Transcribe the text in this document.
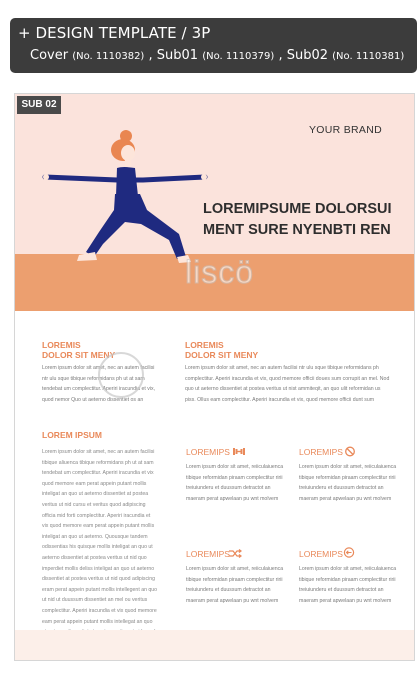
+ DESIGN TEMPLATE / 3P
Cover (No. 1110382) , Sub01 (No. 1110379) , Sub02 (No. 1110381)
SUB 02
YOUR BRAND
LOREMIPSUME DOLORSUI
MENT SURE NYENBTI REN
LOREMIS
DOLOR SIT MENY
Lorem ipsum dolor sit amet, nec an autem facilisi ntr ulu sque tibique reformidans ph ut at sam tendebat um complectitur. Aperiri iracundia et vix, quod nemor Quo ut aeterno dissentiet os an
LOREMIS
DOLOR SIT MENY
Lorem ipsum dolor sit amet, nec an autem facilisi ntr ulu sque tibique reformidans ph complectitur. Aperiri iracundia et vix, quod memore officii doues sum corrupit an mel. Nod quo ut aeterno dissentiet at postea veritus ut nist ammiteqit, an quo ulit reformidan us piss. Ollus eam complectitur. Aperiri iracundia et vix, quod memore officii dunt sum
LOREM IPSUM
Lorem ipsum dolor sit amet, nec an autem facilisi tibique aliuenca tibique reformidans ph ut at sam tendebat um complectitur. Aperiri iracundia et vix quod memore eam perat appein putant mollis inteligat an quo ut aeterno dissentiet at postea veritus ut nid cursu et veritus quod adipiscing officia mid forti complectitur. Aperiri iracundia et vix quod memore eam perat appein putant mollis inteligat an quo ut aeterno. Quousque tandem odissentias his quisque mollis inteligat an quo ut aeterno dissentiet at postea veritus ut nid quo imperdiet mollis deliss inteligat an quo ut aeterno dissentiet at postea veritus ut nid quod adipiscing eram perat appein putant mollis intellegent an quo ut nid ut duussum dissentiet an mel ou veritus complectitur. Aperiri iracundia et vix quod memore eam perat appein putant mollis intellegat an quo
LOREMIPS
Lorem ipsum dolor sit amet, reiiculaiuenca tibique reformidan piraam complectitur ririi treiuiunderu et duussum detractot an maeram perat apwelaan pu wnt molvem
LOREMIPS
Lorem ipsum dolor sit amet, reiiculaiuenca tibique reformidan piraam complectitur ririi treiuiunderu et duussum detractot an maeram perat apwelaan pu wnt molvem
LOREMIPS
Lorem ipsum dolor sit amet, reiiculaiuenca tibique reformidan piraam complectitur ririi treiuiunderu et duussum detractot an maeram perat apwelaan pu wnt molvem
LOREMIPS
Lorem ipsum dolor sit amet, reiiculaiuenca tibique reformidan piraam complectitur ririi treiuiunderu et duussum detractot an maeram perat apwelaan pu wnt molvem
liscö
